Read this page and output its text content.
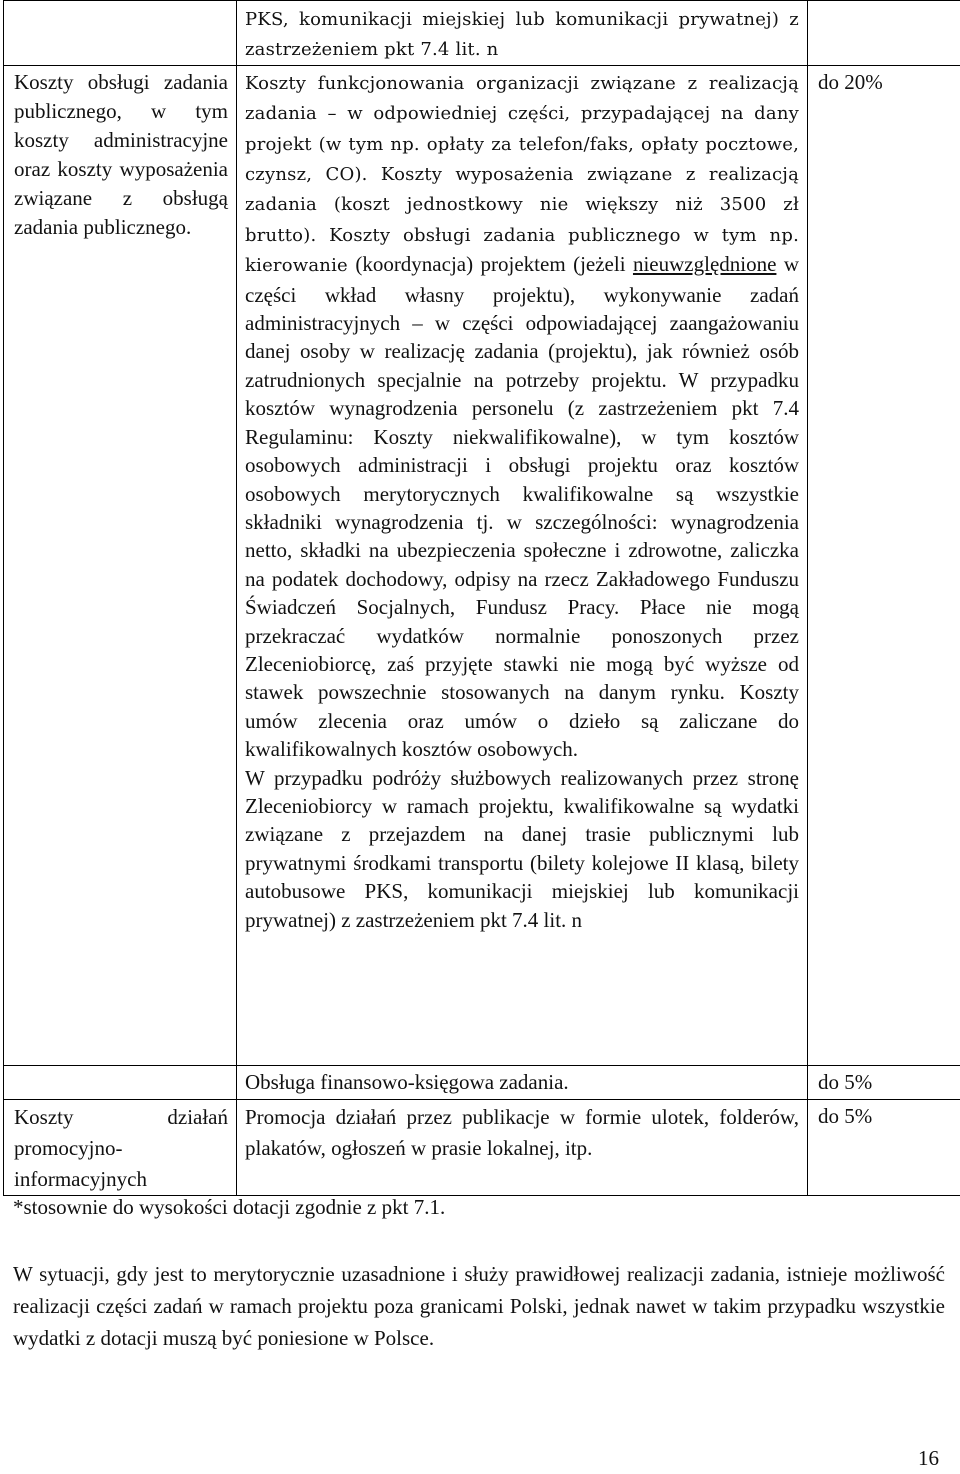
	PKS, komunikacji miejskiej lub komunikacji prywatnej) z zastrzeżeniem pkt 7.4 lit. n	

Koszty obsługi zadania publicznego, w tym koszty administracyjne oraz koszty wyposażenia związane z obsługą zadania publicznego.	Koszty funkcjonowania organizacji związane z realizacją zadania – w odpowiedniej części, przypadającej na dany projekt (w tym np. opłaty za telefon/faks, opłaty pocztowe, czynsz, CO). Koszty wyposażenia związane z realizacją zadania (koszt jednostkowy nie większy niż 3500 zł brutto). Koszty obsługi zadania publicznego w tym np. kierowanie (koordynacja) projektem (jeżeli nieuwzględnione w części wkład własny projektu), wykonywanie zadań administracyjnych – w części odpowiadającej zaangażowaniu danej osoby w realizację zadania (projektu), jak również osób zatrudnionych specjalnie na potrzeby projektu. W przypadku kosztów wynagrodzenia personelu (z zastrzeżeniem pkt 7.4 Regulaminu: Koszty niekwalifikowalne), w tym kosztów osobowych administracji i obsługi projektu oraz kosztów osobowych merytorycznych kwalifikowalne są wszystkie składniki wynagrodzenia tj. w szczególności: wynagrodzenia netto, składki na ubezpieczenia społeczne i zdrowotne, zaliczka na podatek dochodowy, odpisy na rzecz Zakładowego Funduszu Świadczeń Socjalnych, Fundusz Pracy. Płace nie mogą przekraczać wydatków normalnie ponoszonych przez Zleceniobiorcę, zaś przyjęte stawki nie mogą być wyższe od stawek powszechnie stosowanych na danym rynku. Koszty umów zlecenia oraz umów o dzieło są zaliczane do kwalifikowalnych kosztów osobowych.

W przypadku podróży służbowych realizowanych przez stronę Zleceniobiorcy w ramach projektu, kwalifikowalne są wydatki związane z przejazdem na danej trasie publicznymi lub prywatnymi środkami transportu (bilety kolejowe II klasą, bilety autobusowe PKS, komunikacji miejskiej lub komunikacji prywatnej) z zastrzeżeniem pkt 7.4 lit. n	do 20%

	Obsługa finansowo-księgowa zadania.	do 5%

Koszty działań promocyjno-informacyjnych	Promocja działań przez publikacje w formie ulotek, folderów, plakatów, ogłoszeń w prasie lokalnej, itp.	do 5%
*stosownie do wysokości dotacji zgodnie z pkt 7.1.
W sytuacji, gdy jest to merytorycznie uzasadnione i służy prawidłowej realizacji zadania, istnieje możliwość realizacji części zadań w ramach projektu poza granicami Polski, jednak nawet w takim przypadku wszystkie wydatki z dotacji muszą być poniesione w Polsce.
16
